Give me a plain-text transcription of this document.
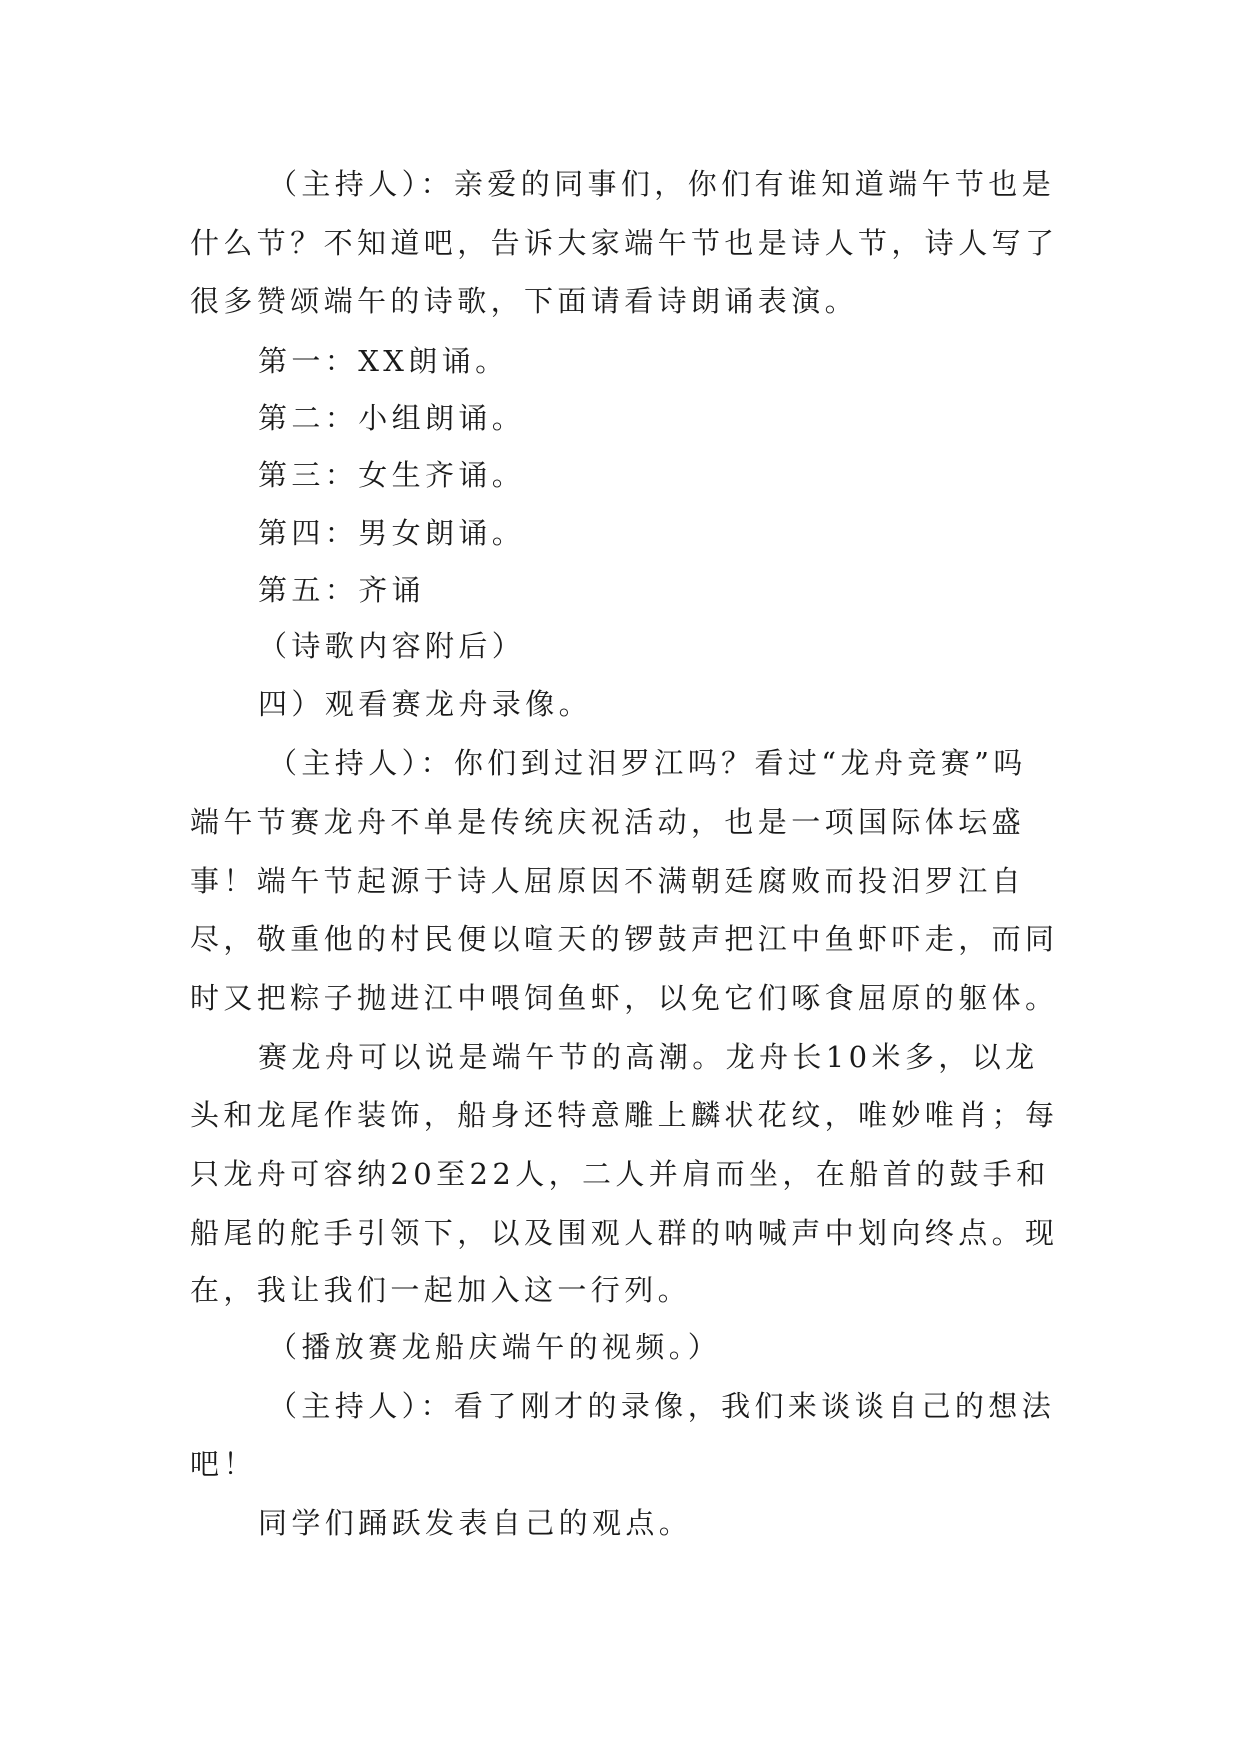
（主持人）：亲爱的同事们，你们有谁知道端午节也是

什么节？不知道吧，告诉大家端午节也是诗人节，诗人写了

很多赞颂端午的诗歌，下面请看诗朗诵表演。

第一：XX朗诵。

第二：小组朗诵。

第三：女生齐诵。

第四：男女朗诵。

第五：齐诵

（诗歌内容附后）

四）观看赛龙舟录像。

（主持人）：你们到过汨罗江吗？看过“龙舟竞赛”吗

端午节赛龙舟不单是传统庆祝活动，也是一项国际体坛盛

事！端午节起源于诗人屈原因不满朝廷腐败而投汨罗江自

尽，敬重他的村民便以喧天的锣鼓声把江中鱼虾吓走，而同

时又把粽子抛进江中喂饲鱼虾，以免它们啄食屈原的躯体。

赛龙舟可以说是端午节的高潮。龙舟长10米多，以龙

头和龙尾作装饰，船身还特意雕上麟状花纹，唯妙唯肖；每

只龙舟可容纳20至22人，二人并肩而坐，在船首的鼓手和

船尾的舵手引领下，以及围观人群的呐喊声中划向终点。现

在，我让我们一起加入这一行列。

（播放赛龙船庆端午的视频。）

（主持人）：看了刚才的录像，我们来谈谈自己的想法

吧！

同学们踊跃发表自己的观点。
